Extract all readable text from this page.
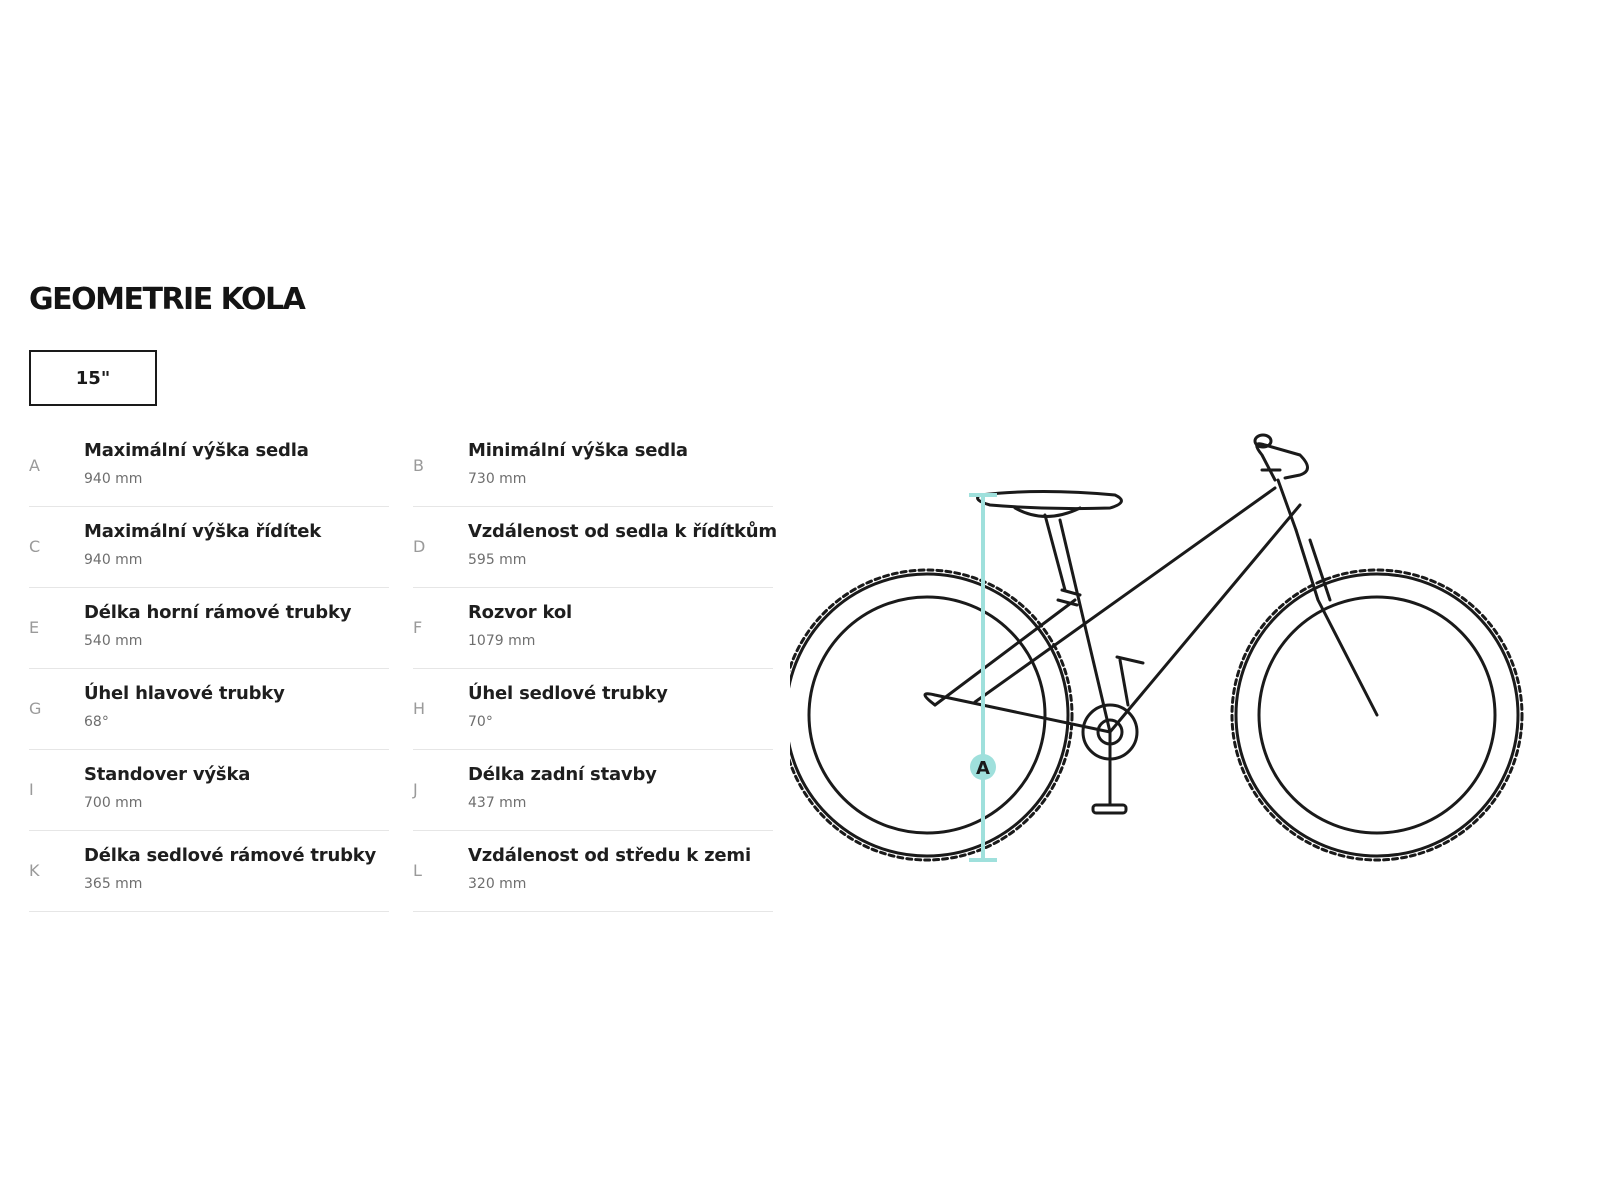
GEOMETRIE KOLA
15"
A
Maximální výška sedla
940 mm
B
Minimální výška sedla
730 mm
C
Maximální výška řídítek
940 mm
D
Vzdálenost od sedla k řídítkům
595 mm
E
Délka horní rámové trubky
540 mm
F
Rozvor kol
1079 mm
G
Úhel hlavové trubky
68°
H
Úhel sedlové trubky
70°
I
Standover výška
700 mm
J
Délka zadní stavby
437 mm
K
Délka sedlové rámové trubky
365 mm
L
Vzdálenost od středu k zemi
320 mm
A
